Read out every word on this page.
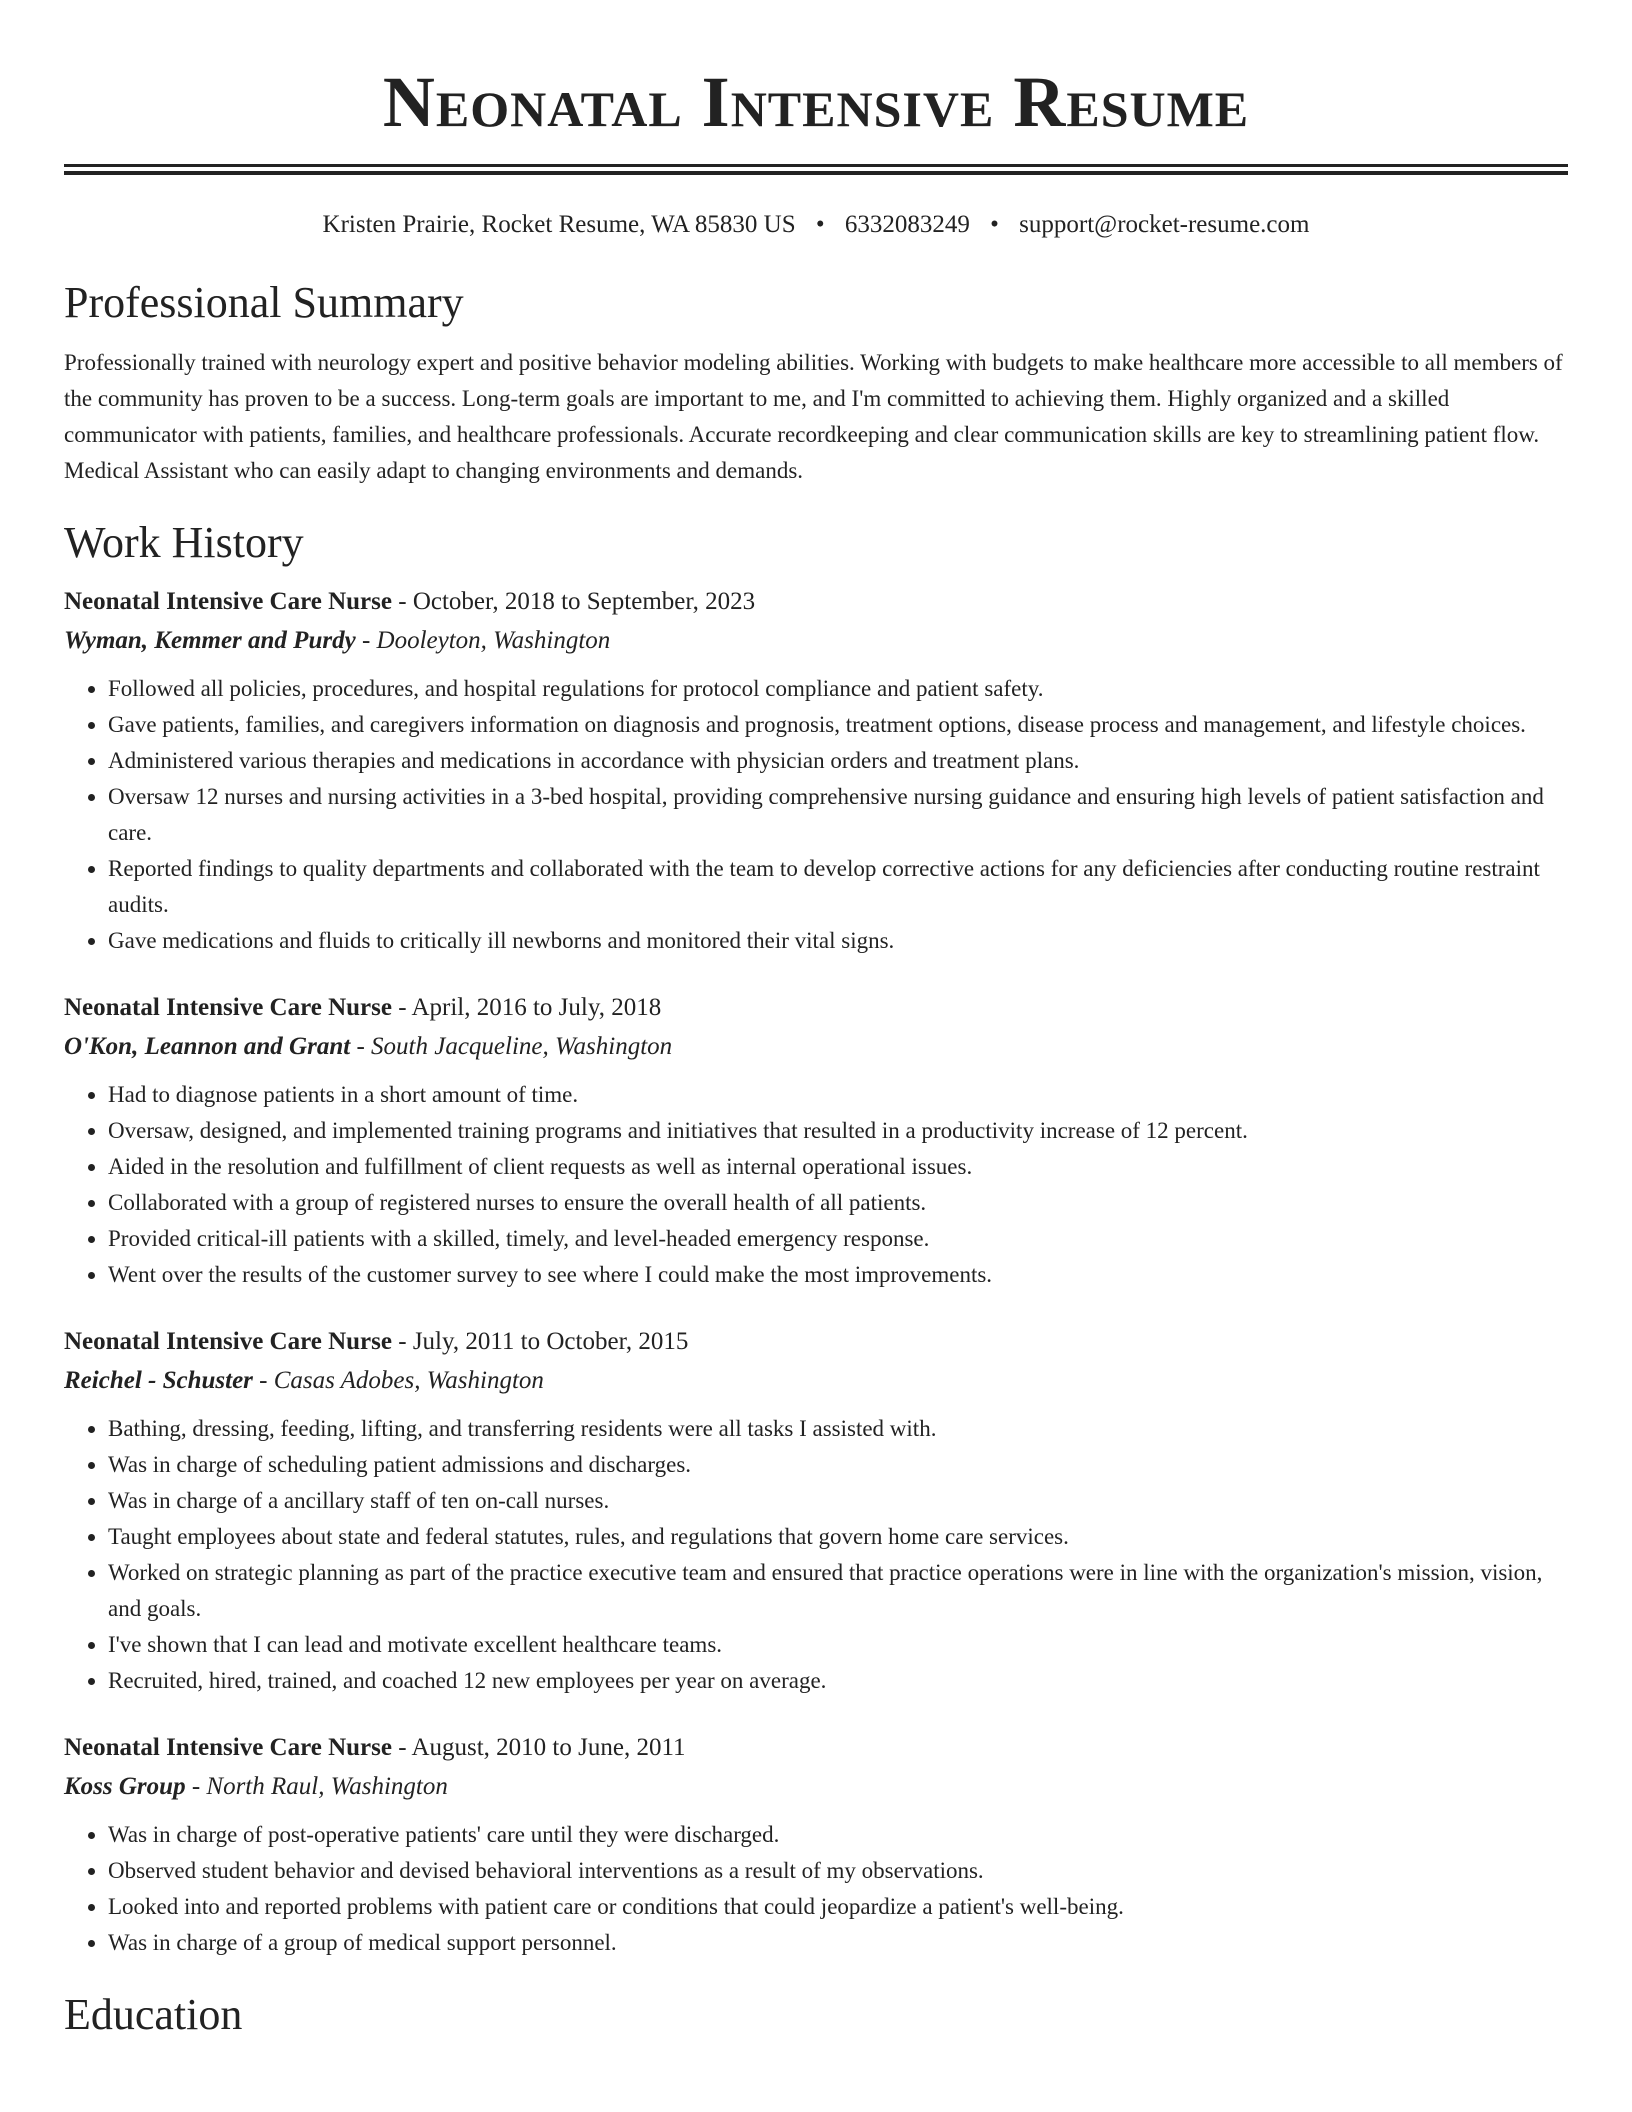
Neonatal Intensive Resume
Kristen Prairie, Rocket Resume, WA 85830 US • 6332083249 • support@rocket-resume.com
Professional Summary

Professionally trained with neurology expert and positive behavior modeling abilities. Working with budgets to make healthcare more accessible to all members of the community has proven to be a success. Long-term goals are important to me, and I'm committed to achieving them. Highly organized and a skilled communicator with patients, families, and healthcare professionals. Accurate recordkeeping and clear communication skills are key to streamlining patient flow. Medical Assistant who can easily adapt to changing environments and demands.

Work History
Neonatal Intensive Care Nurse - October, 2018 to September, 2023
Wyman, Kemmer and Purdy - Dooleyton, Washington
• Followed all policies, procedures, and hospital regulations for protocol compliance and patient safety.
• Gave patients, families, and caregivers information on diagnosis and prognosis, treatment options, disease process and management, and lifestyle choices.
• Administered various therapies and medications in accordance with physician orders and treatment plans.
• Oversaw 12 nurses and nursing activities in a 3-bed hospital, providing comprehensive nursing guidance and ensuring high levels of patient satisfaction and care.
• Reported findings to quality departments and collaborated with the team to develop corrective actions for any deficiencies after conducting routine restraint audits.
• Gave medications and fluids to critically ill newborns and monitored their vital signs.
Neonatal Intensive Care Nurse - April, 2016 to July, 2018
O'Kon, Leannon and Grant - South Jacqueline, Washington
• Had to diagnose patients in a short amount of time.
• Oversaw, designed, and implemented training programs and initiatives that resulted in a productivity increase of 12 percent.
• Aided in the resolution and fulfillment of client requests as well as internal operational issues.
• Collaborated with a group of registered nurses to ensure the overall health of all patients.
• Provided critical-ill patients with a skilled, timely, and level-headed emergency response.
• Went over the results of the customer survey to see where I could make the most improvements.
Neonatal Intensive Care Nurse - July, 2011 to October, 2015
Reichel - Schuster - Casas Adobes, Washington
• Bathing, dressing, feeding, lifting, and transferring residents were all tasks I assisted with.
• Was in charge of scheduling patient admissions and discharges.
• Was in charge of a ancillary staff of ten on-call nurses.
• Taught employees about state and federal statutes, rules, and regulations that govern home care services.
• Worked on strategic planning as part of the practice executive team and ensured that practice operations were in line with the organization's mission, vision, and goals.
• I've shown that I can lead and motivate excellent healthcare teams.
• Recruited, hired, trained, and coached 12 new employees per year on average.
Neonatal Intensive Care Nurse - August, 2010 to June, 2011
Koss Group - North Raul, Washington
• Was in charge of post-operative patients' care until they were discharged.
• Observed student behavior and devised behavioral interventions as a result of my observations.
• Looked into and reported problems with patient care or conditions that could jeopardize a patient's well-being.
• Was in charge of a group of medical support personnel.
Education
